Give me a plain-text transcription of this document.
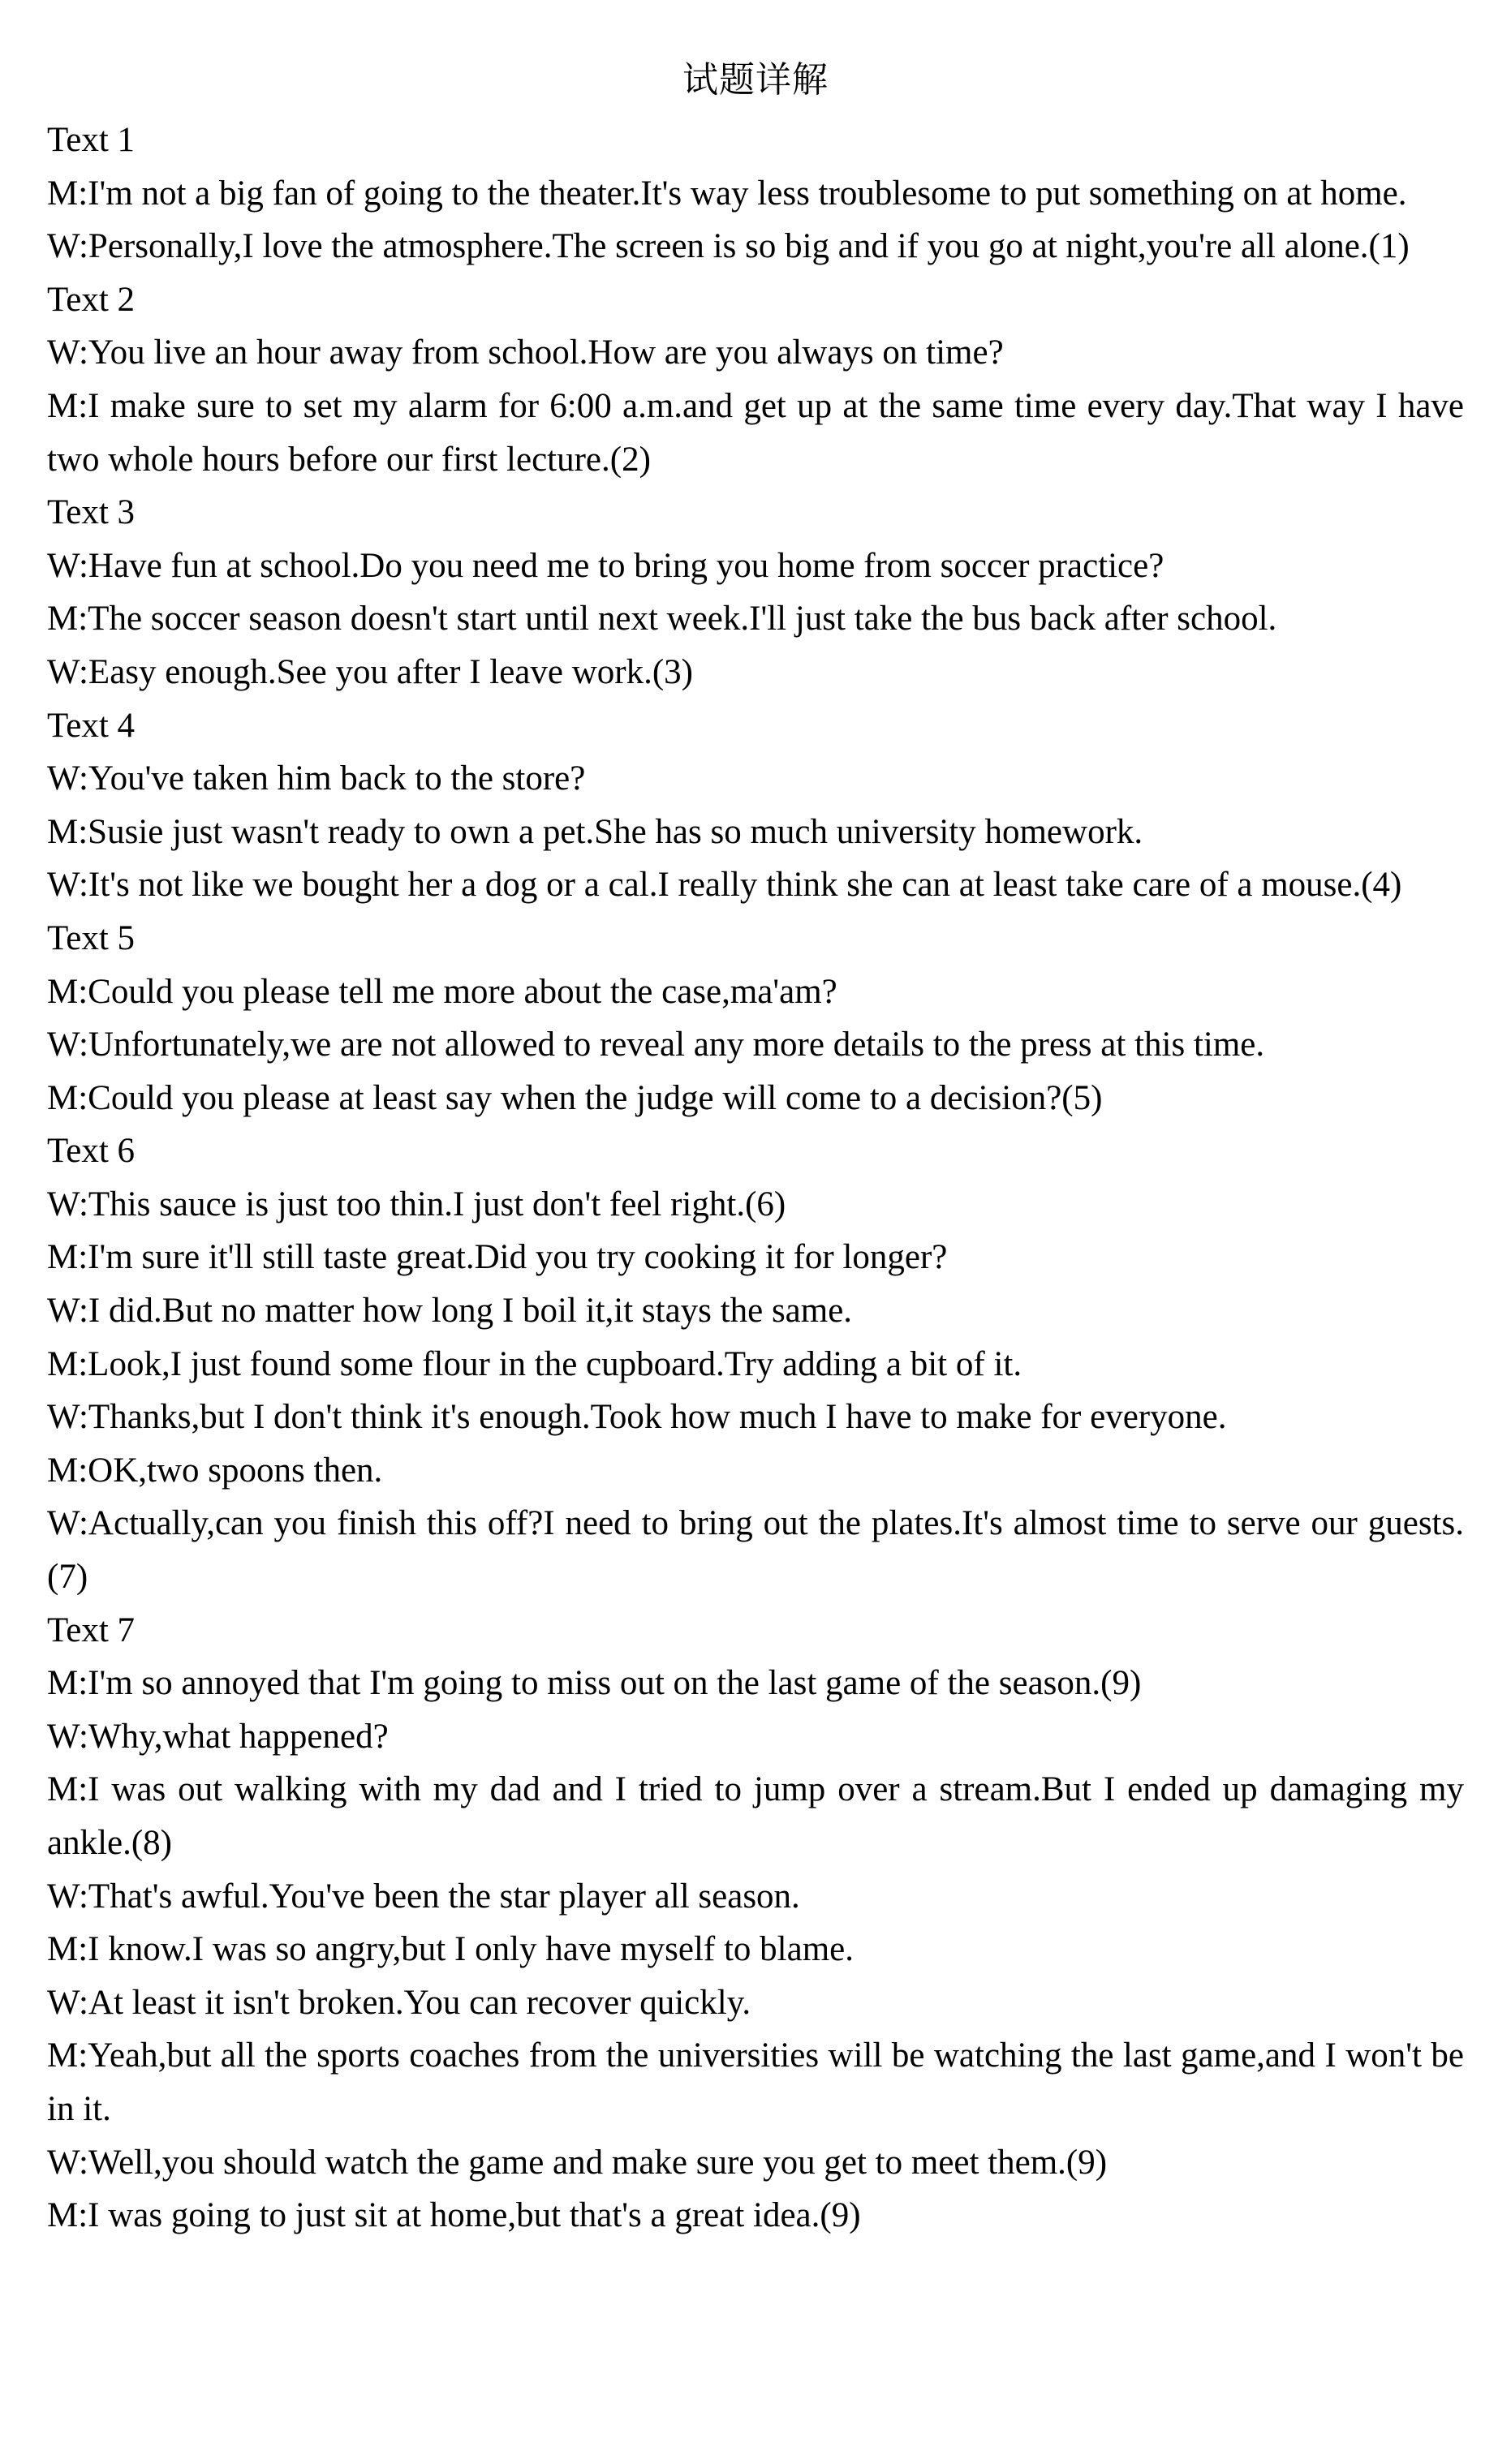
试题详解

Text 1

M:I'm not a big fan of going to the theater.It's way less troublesome to put something on at home.

W:Personally,I love the atmosphere.The screen is so big and if you go at night,you're all alone.(1)

Text 2

W:You live an hour away from school.How are you always on time?

M:I make sure to set my alarm for 6:00 a.m.and get up at the same time every day.That way I have two whole hours before our first lecture.(2)

Text 3

W:Have fun at school.Do you need me to bring you home from soccer practice?

M:The soccer season doesn't start until next week.I'll just take the bus back after school.

W:Easy enough.See you after I leave work.(3)

Text 4

W:You've taken him back to the store?

M:Susie just wasn't ready to own a pet.She has so much university homework.

W:It's not like we bought her a dog or a cal.I really think she can at least take care of a mouse.(4)

Text 5

M:Could you please tell me more about the case,ma'am?

W:Unfortunately,we are not allowed to reveal any more details to the press at this time.

M:Could you please at least say when the judge will come to a decision?(5)

Text 6

W:This sauce is just too thin.I just don't feel right.(6)

M:I'm sure it'll still taste great.Did you try cooking it for longer?

W:I did.But no matter how long I boil it,it stays the same.

M:Look,I just found some flour in the cupboard.Try adding a bit of it.

W:Thanks,but I don't think it's enough.Took how much I have to make for everyone.

M:OK,two spoons then.

W:Actually,can you finish this off?I need to bring out the plates.It's almost time to serve our guests.(7)

Text 7

M:I'm so annoyed that I'm going to miss out on the last game of the season.(9)

W:Why,what happened?

M:I was out walking with my dad and I tried to jump over a stream.But I ended up damaging my ankle.(8)

W:That's awful.You've been the star player all season.

M:I know.I was so angry,but I only have myself to blame.

W:At least it isn't broken.You can recover quickly.

M:Yeah,but all the sports coaches from the universities will be watching the last game,and I won't be in it.

W:Well,you should watch the game and make sure you get to meet them.(9)

M:I was going to just sit at home,but that's a great idea.(9)
